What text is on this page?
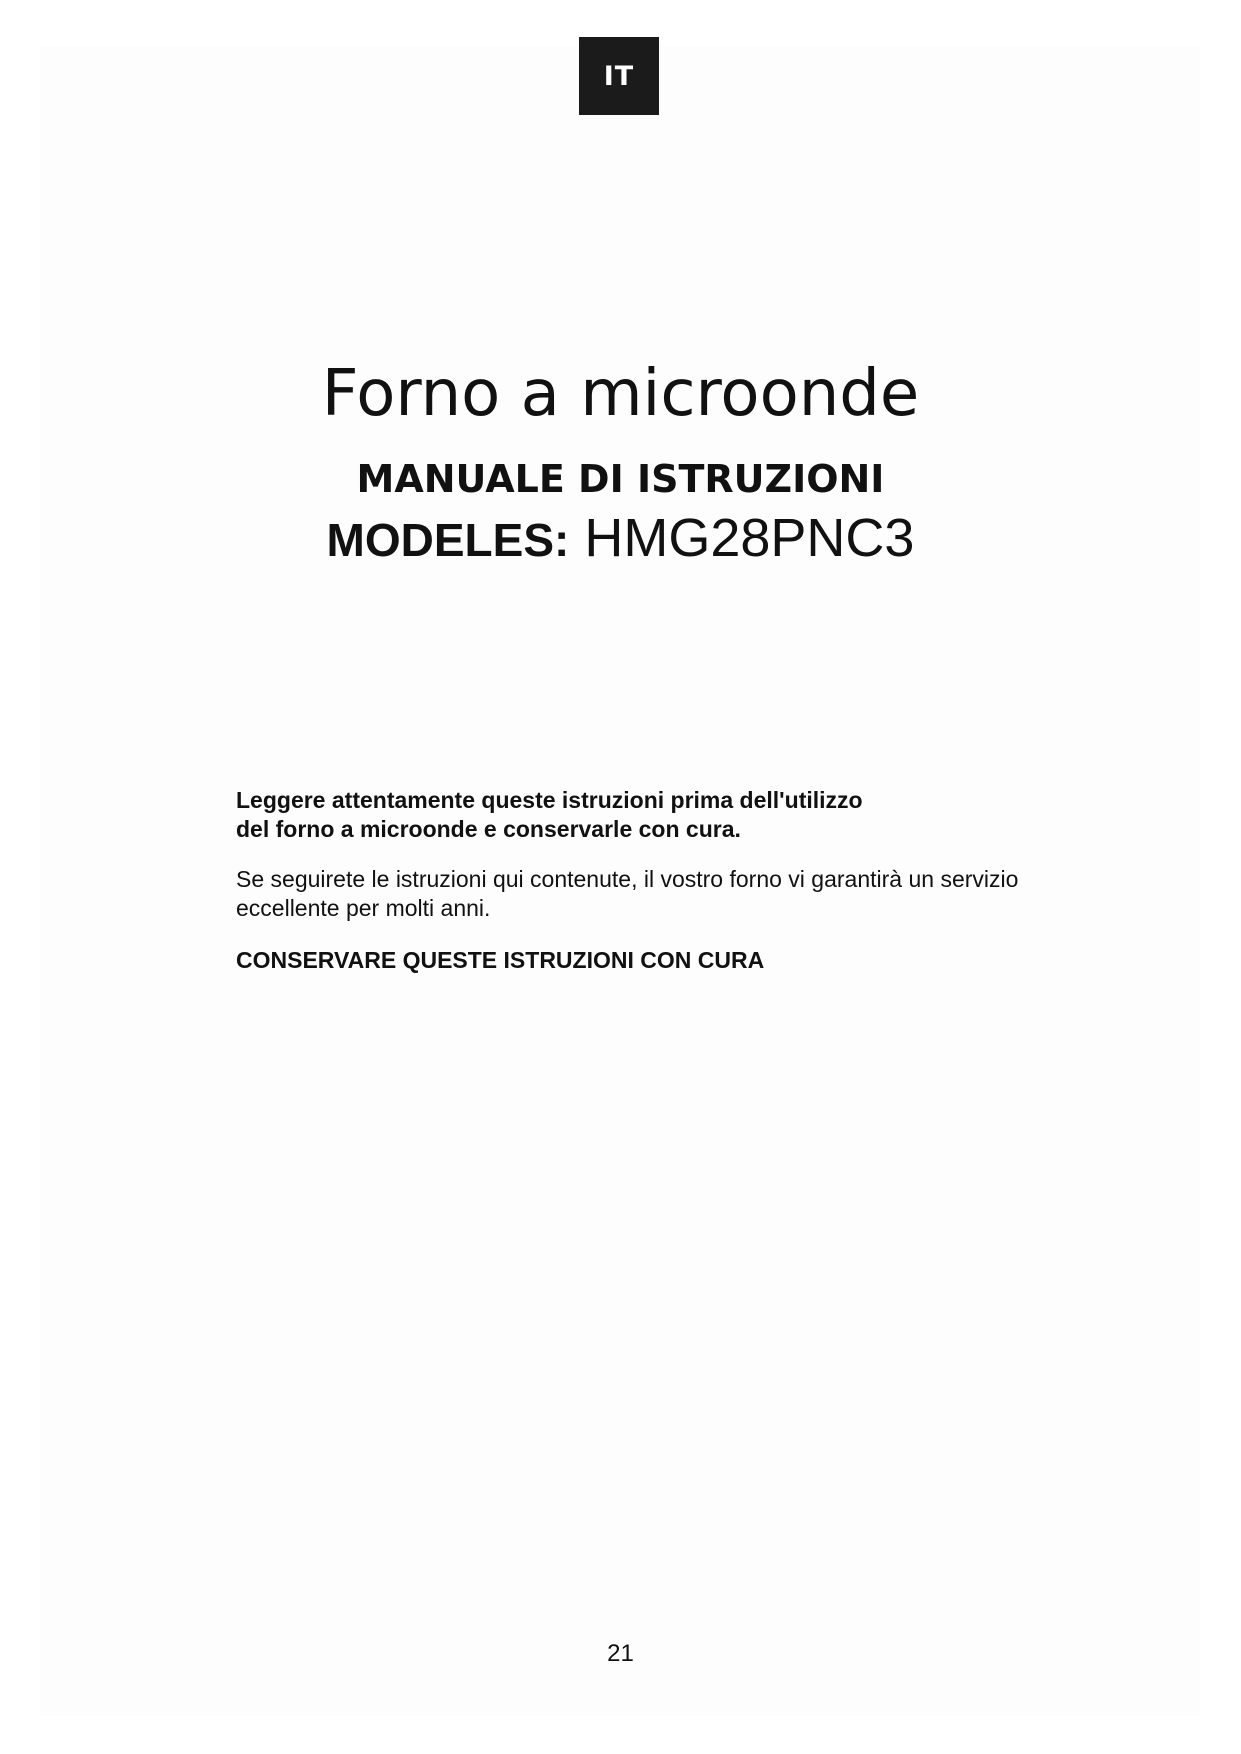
IT
Forno a microonde
MANUALE DI ISTRUZIONI

MODELES: HMG28PNC3

Leggere attentamente queste istruzioni prima dell'utilizzo
del forno a microonde e conservarle con cura.

Se seguirete le istruzioni qui contenute, il vostro forno vi garantirà un servizio
eccellente per molti anni.

CONSERVARE QUESTE ISTRUZIONI CON CURA

21
